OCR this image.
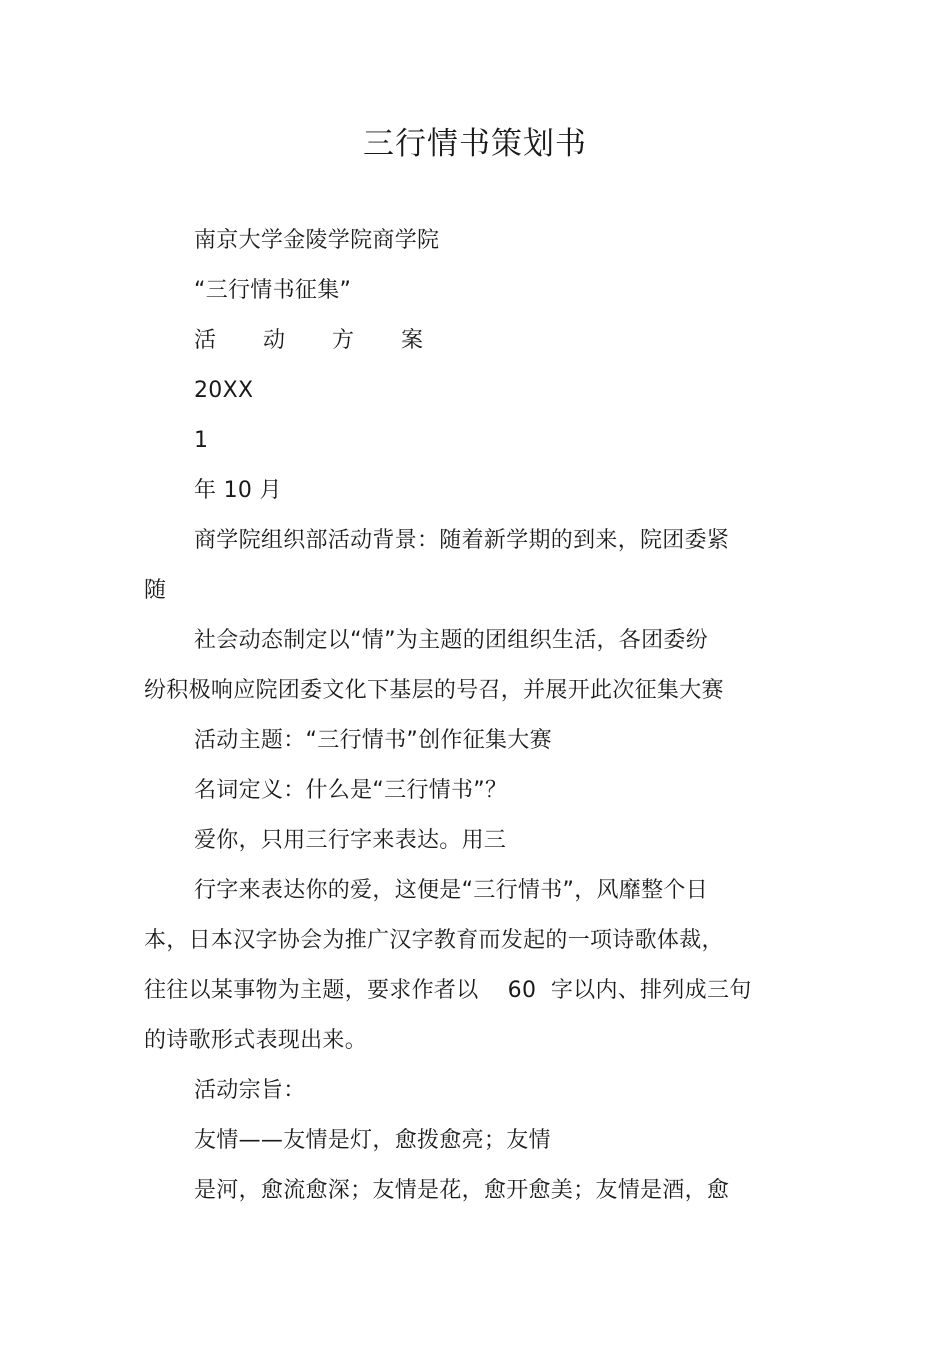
三行情书策划书
南京大学金陵学院商学院
“三行情书征集”
活 动 方 案
20XX
1
年 10 月
商学院组织部活动背景：随着新学期的到来，院团委紧
随
社会动态制定以“情”为主题的团组织生活，各团委纷
纷积极响应院团委文化下基层的号召，并展开此次征集大赛
活动主题：“三行情书”创作征集大赛
名词定义：什么是“三行情书”？
爱你，只用三行字来表达。用三
行字来表达你的爱，这便是“三行情书”，风靡整个日
本，日本汉字协会为推广汉字教育而发起的一项诗歌体裁，
往往以某事物为主题，要求作者以    60  字以内、排列成三句
的诗歌形式表现出来。
活动宗旨：
友情——友情是灯，愈拨愈亮；友情
是河，愈流愈深；友情是花，愈开愈美；友情是酒，愈
